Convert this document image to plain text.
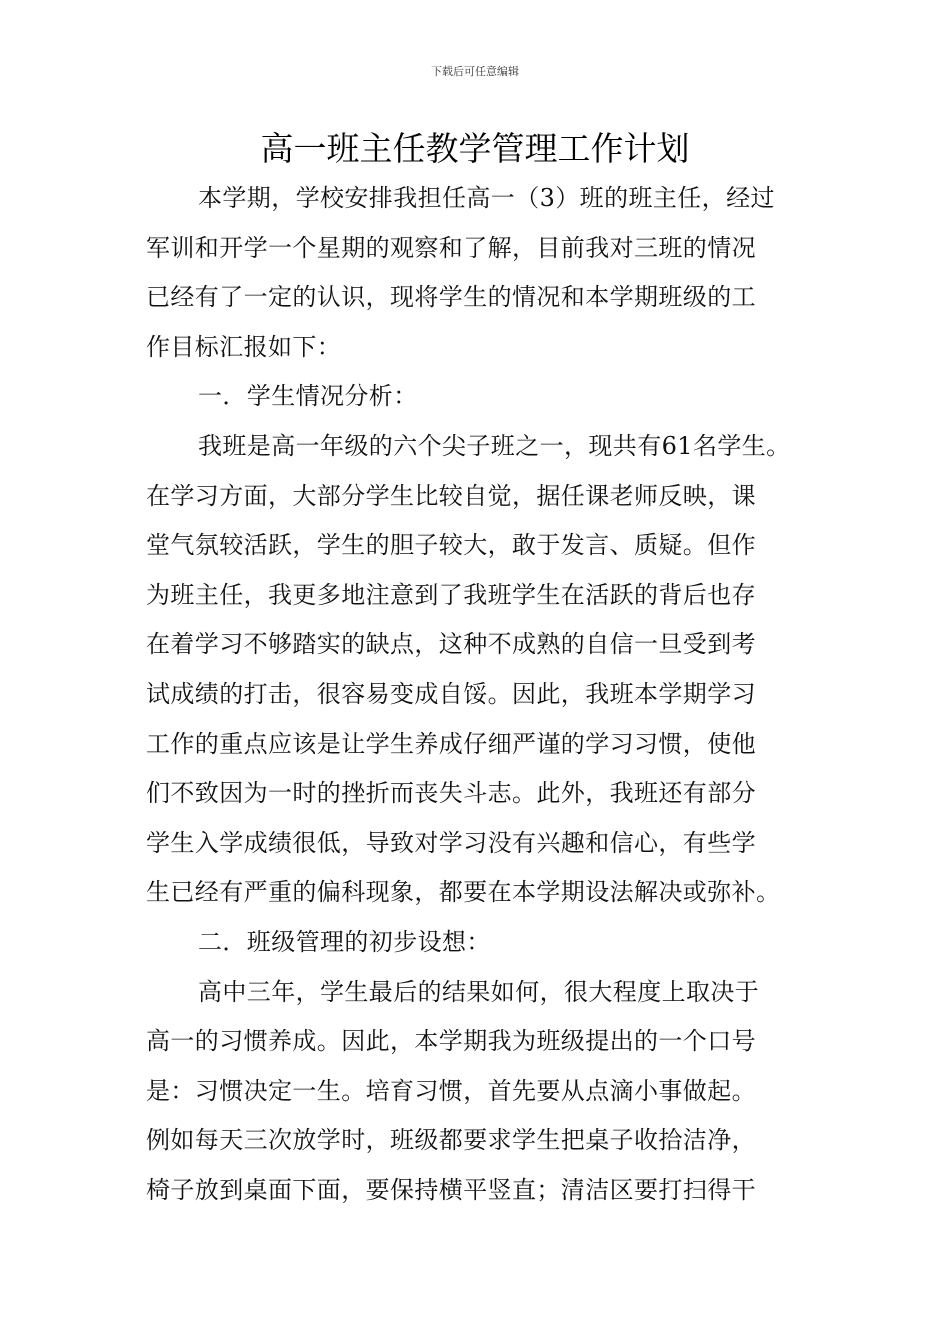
下载后可任意编辑
高一班主任教学管理工作计划
本学期，学校安排我担任高一（3）班的班主任，经过
军训和开学一个星期的观察和了解，目前我对三班的情况
已经有了一定的认识，现将学生的情况和本学期班级的工
作目标汇报如下：
一．学生情况分析：
我班是高一年级的六个尖子班之一，现共有61名学生。
在学习方面，大部分学生比较自觉，据任课老师反映，课
堂气氛较活跃，学生的胆子较大，敢于发言、质疑。但作
为班主任，我更多地注意到了我班学生在活跃的背后也存
在着学习不够踏实的缺点，这种不成熟的自信一旦受到考
试成绩的打击，很容易变成自馁。因此，我班本学期学习
工作的重点应该是让学生养成仔细严谨的学习习惯，使他
们不致因为一时的挫折而丧失斗志。此外，我班还有部分
学生入学成绩很低，导致对学习没有兴趣和信心，有些学
生已经有严重的偏科现象，都要在本学期设法解决或弥补。
二．班级管理的初步设想：
高中三年，学生最后的结果如何，很大程度上取决于
高一的习惯养成。因此，本学期我为班级提出的一个口号
是：习惯决定一生。培育习惯，首先要从点滴小事做起。
例如每天三次放学时，班级都要求学生把桌子收拾洁净，
椅子放到桌面下面，要保持横平竖直；清洁区要打扫得干
